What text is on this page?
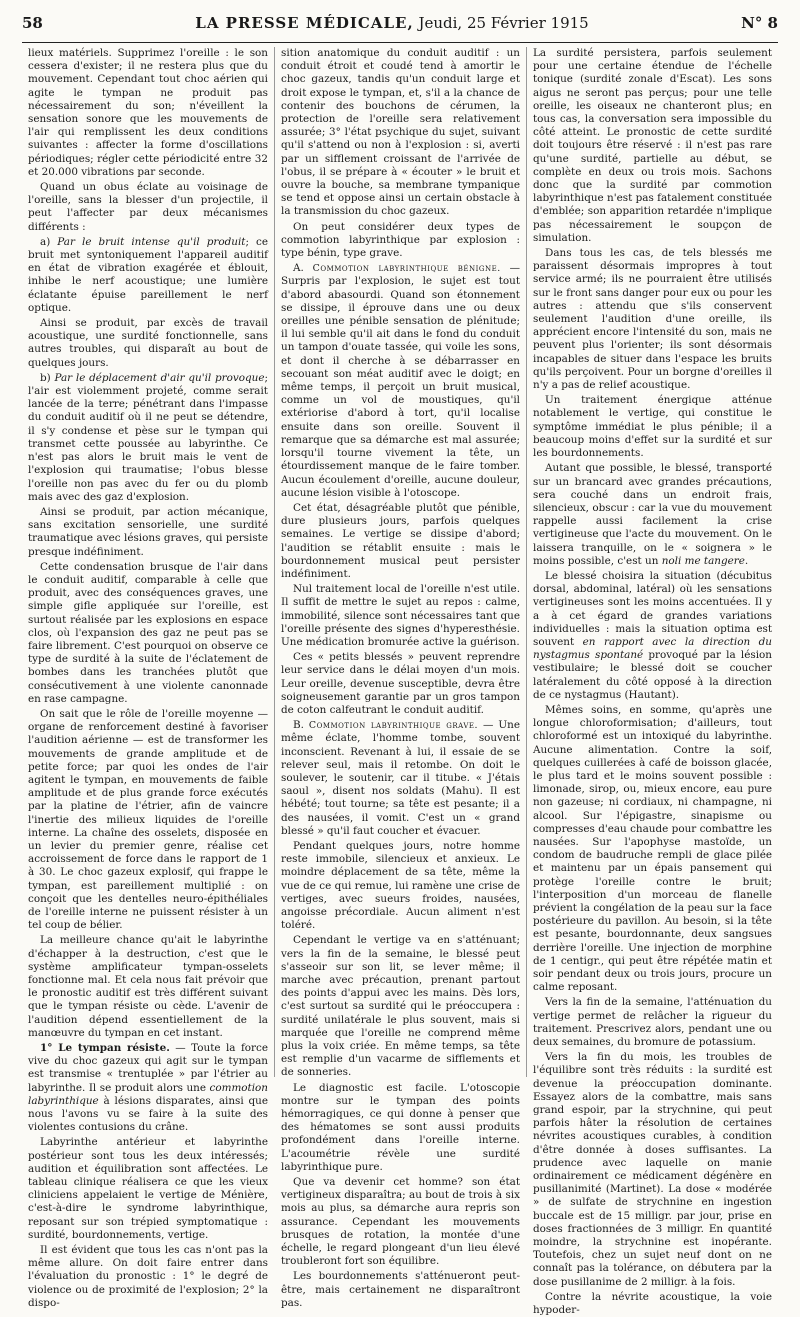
58	LA PRESSE MÉDICALE, Jeudi, 25 Février 1915	N° 8

lieux matériels. Supprimez l'oreille : le son cessera d'exister; il ne restera plus que du mouvement. Cependant tout choc aérien qui agite le tympan ne produit pas nécessairement du son; n'éveillent la sensation sonore que les mouvements de l'air qui remplissent les deux conditions suivantes : affecter la forme d'oscillations périodiques; régler cette périodicité entre 32 et 20.000 vibrations par seconde.

Quand un obus éclate au voisinage de l'oreille, sans la blesser d'un projectile, il peut l'affecter par deux mécanismes différents :

a) Par le bruit intense qu'il produit; ce bruit met syntoniquement l'appareil auditif en état de vibration exagérée et éblouit, inhibe le nerf acoustique; une lumière éclatante épuise pareillement le nerf optique.

Ainsi se produit, par excès de travail acoustique, une surdité fonctionnelle, sans autres troubles, qui disparaît au bout de quelques jours.

b) Par le déplacement d'air qu'il provoque; l'air est violemment projeté, comme serait lancée de la terre; pénétrant dans l'impasse du conduit auditif où il ne peut se détendre, il s'y condense et pèse sur le tympan qui transmet cette poussée au labyrinthe. Ce n'est pas alors le bruit mais le vent de l'explosion qui traumatise; l'obus blesse l'oreille non pas avec du fer ou du plomb mais avec des gaz d'explosion.

Ainsi se produit, par action mécanique, sans excitation sensorielle, une surdité traumatique avec lésions graves, qui persiste presque indéfiniment.

Cette condensation brusque de l'air dans le conduit auditif, comparable à celle que produit, avec des conséquences graves, une simple gifle appliquée sur l'oreille, est surtout réalisée par les explosions en espace clos, où l'expansion des gaz ne peut pas se faire librement. C'est pourquoi on observe ce type de surdité à la suite de l'éclatement de bombes dans les tranchées plutôt que consécutivement à une violente canonnade en rase campagne.

On sait que le rôle de l'oreille moyenne — organe de renforcement destiné à favoriser l'audition aérienne — est de transformer les mouvements de grande amplitude et de petite force; par quoi les ondes de l'air agitent le tympan, en mouvements de faible amplitude et de plus grande force exécutés par la platine de l'étrier, afin de vaincre l'inertie des milieux liquides de l'oreille interne. La chaîne des osselets, disposée en un levier du premier genre, réalise cet accroissement de force dans le rapport de 1 à 30. Le choc gazeux explosif, qui frappe le tympan, est pareillement multiplié : on conçoit que les dentelles neuro-épithéliales de l'oreille interne ne puissent résister à un tel coup de bélier.

La meilleure chance qu'ait le labyrinthe d'échapper à la destruction, c'est que le système amplificateur tympan-osselets fonctionne mal. Et cela nous fait prévoir que le pronostic auditif est très différent suivant que le tympan résiste ou cède. L'avenir de l'audition dépend essentiellement de la manœuvre du tympan en cet instant.

1° Le tympan résiste. — Toute la force vive du choc gazeux qui agit sur le tympan est transmise « trentuplée » par l'étrier au labyrinthe. Il se produit alors une commotion labyrinthique à lésions disparates, ainsi que nous l'avons vu se faire à la suite des violentes contusions du crâne.

Labyrinthe antérieur et labyrinthe postérieur sont tous les deux intéressés; audition et équilibration sont affectées. Le tableau clinique réalisera ce que les vieux cliniciens appelaient le vertige de Ménière, c'est-à-dire le syndrome labyrinthique, reposant sur son trépied symptomatique : surdité, bourdonnements, vertige.

Il est évident que tous les cas n'ont pas la même allure. On doit faire entrer dans l'évaluation du pronostic : 1° le degré de violence ou de proximité de l'explosion; 2° la dispo-

sition anatomique du conduit auditif : un conduit étroit et coudé tend à amortir le choc gazeux, tandis qu'un conduit large et droit expose le tympan, et, s'il a la chance de contenir des bouchons de cérumen, la protection de l'oreille sera relativement assurée; 3° l'état psychique du sujet, suivant qu'il s'attend ou non à l'explosion : si, averti par un sifflement croissant de l'arrivée de l'obus, il se prépare à « écouter » le bruit et ouvre la bouche, sa membrane tympanique se tend et oppose ainsi un certain obstacle à la transmission du choc gazeux.

On peut considérer deux types de commotion labyrinthique par explosion : type bénin, type grave.

A. Commotion labyrinthique bénigne. — Surpris par l'explosion, le sujet est tout d'abord abasourdi. Quand son étonnement se dissipe, il éprouve dans une ou deux oreilles une pénible sensation de plénitude; il lui semble qu'il ait dans le fond du conduit un tampon d'ouate tassée, qui voile les sons, et dont il cherche à se débarrasser en secouant son méat auditif avec le doigt; en même temps, il perçoit un bruit musical, comme un vol de moustiques, qu'il extériorise d'abord à tort, qu'il localise ensuite dans son oreille. Souvent il remarque que sa démarche est mal assurée; lorsqu'il tourne vivement la tête, un étourdissement manque de le faire tomber. Aucun écoulement d'oreille, aucune douleur, aucune lésion visible à l'otoscope.

Cet état, désagréable plutôt que pénible, dure plusieurs jours, parfois quelques semaines. Le vertige se dissipe d'abord; l'audition se rétablit ensuite : mais le bourdonnement musical peut persister indéfiniment.

Nul traitement local de l'oreille n'est utile. Il suffit de mettre le sujet au repos : calme, immobilité, silence sont nécessaires tant que l'oreille présente des signes d'hyperesthésie. Une médication bromurée active la guérison.

Ces « petits blessés » peuvent reprendre leur service dans le délai moyen d'un mois. Leur oreille, devenue susceptible, devra être soigneusement garantie par un gros tampon de coton calfeutrant le conduit auditif.

B. Commotion labyrinthique grave. — Une même éclate, l'homme tombe, souvent inconscient. Revenant à lui, il essaie de se relever seul, mais il retombe. On doit le soulever, le soutenir, car il titube. « J'étais saoul », disent nos soldats (Mahu). Il est hébété; tout tourne; sa tête est pesante; il a des nausées, il vomit. C'est un « grand blessé » qu'il faut coucher et évacuer.

Pendant quelques jours, notre homme reste immobile, silencieux et anxieux. Le moindre déplacement de sa tête, même la vue de ce qui remue, lui ramène une crise de vertiges, avec sueurs froides, nausées, angoisse précordiale. Aucun aliment n'est toléré.

Cependant le vertige va en s'atténuant; vers la fin de la semaine, le blessé peut s'asseoir sur son lit, se lever même; il marche avec précaution, prenant partout des points d'appui avec les mains. Dès lors, c'est surtout sa surdité qui le préoccupera : surdité unilatérale le plus souvent, mais si marquée que l'oreille ne comprend même plus la voix criée. En même temps, sa tête est remplie d'un vacarme de sifflements et de sonneries.

Le diagnostic est facile. L'otoscopie montre sur le tympan des points hémorragiques, ce qui donne à penser que des hématomes se sont aussi produits profondément dans l'oreille interne. L'acoumétrie révèle une surdité labyrinthique pure.

Que va devenir cet homme? son état vertigineux disparaîtra; au bout de trois à six mois au plus, sa démarche aura repris son assurance. Cependant les mouvements brusques de rotation, la montée d'une échelle, le regard plongeant d'un lieu élevé troubleront fort son équilibre.

Les bourdonnements s'atténueront peut-être, mais certainement ne disparaîtront pas.

La surdité persistera, parfois seulement pour une certaine étendue de l'échelle tonique (surdité zonale d'Escat). Les sons aigus ne seront pas perçus; pour une telle oreille, les oiseaux ne chanteront plus; en tous cas, la conversation sera impossible du côté atteint. Le pronostic de cette surdité doit toujours être réservé : il n'est pas rare qu'une surdité, partielle au début, se complète en deux ou trois mois. Sachons donc que la surdité par commotion labyrinthique n'est pas fatalement constituée d'emblée; son apparition retardée n'implique pas nécessairement le soupçon de simulation.

Dans tous les cas, de tels blessés me paraissent désormais impropres à tout service armé; ils ne pourraient être utilisés sur le front sans danger pour eux ou pour les autres : attendu que s'ils conservent seulement l'audition d'une oreille, ils apprécient encore l'intensité du son, mais ne peuvent plus l'orienter; ils sont désormais incapables de situer dans l'espace les bruits qu'ils perçoivent. Pour un borgne d'oreilles il n'y a pas de relief acoustique.

Un traitement énergique atténue notablement le vertige, qui constitue le symptôme immédiat le plus pénible; il a beaucoup moins d'effet sur la surdité et sur les bourdonnements.

Autant que possible, le blessé, transporté sur un brancard avec grandes précautions, sera couché dans un endroit frais, silencieux, obscur : car la vue du mouvement rappelle aussi facilement la crise vertigineuse que l'acte du mouvement. On le laissera tranquille, on le « soignera » le moins possible, c'est un noli me tangere.

Le blessé choisira la situation (décubitus dorsal, abdominal, latéral) où les sensations vertigineuses sont les moins accentuées. Il y a à cet égard de grandes variations individuelles : mais la situation optima est souvent en rapport avec la direction du nystagmus spontané provoqué par la lésion vestibulaire; le blessé doit se coucher latéralement du côté opposé à la direction de ce nystagmus (Hautant).

Mêmes soins, en somme, qu'après une longue chloroformisation; d'ailleurs, tout chloroformé est un intoxiqué du labyrinthe. Aucune alimentation. Contre la soif, quelques cuillerées à café de boisson glacée, le plus tard et le moins souvent possible : limonade, sirop, ou, mieux encore, eau pure non gazeuse; ni cordiaux, ni champagne, ni alcool. Sur l'épigastre, sinapisme ou compresses d'eau chaude pour combattre les nausées. Sur l'apophyse mastoïde, un condom de baudruche rempli de glace pilée et maintenu par un épais pansement qui protège l'oreille contre le bruit; l'interposition d'un morceau de flanelle prévient la congélation de la peau sur la face postérieure du pavillon. Au besoin, si la tête est pesante, bourdonnante, deux sangsues derrière l'oreille. Une injection de morphine de 1 centigr., qui peut être répétée matin et soir pendant deux ou trois jours, procure un calme reposant.

Vers la fin de la semaine, l'atténuation du vertige permet de relâcher la rigueur du traitement. Prescrivez alors, pendant une ou deux semaines, du bromure de potassium.

Vers la fin du mois, les troubles de l'équilibre sont très réduits : la surdité est devenue la préoccupation dominante. Essayez alors de la combattre, mais sans grand espoir, par la strychnine, qui peut parfois hâter la résolution de certaines névrites acoustiques curables, à condition d'être donnée à doses suffisantes. La prudence avec laquelle on manie ordinairement ce médicament dégénère en pusillanimité (Martinet). La dose « modérée » de sulfate de strychnine en ingestion buccale est de 15 milligr. par jour, prise en doses fractionnées de 3 milligr. En quantité moindre, la strychnine est inopérante. Toutefois, chez un sujet neuf dont on ne connaît pas la tolérance, on débutera par la dose pusillanime de 2 milligr. à la fois.

Contre la névrite acoustique, la voie hypoder-
